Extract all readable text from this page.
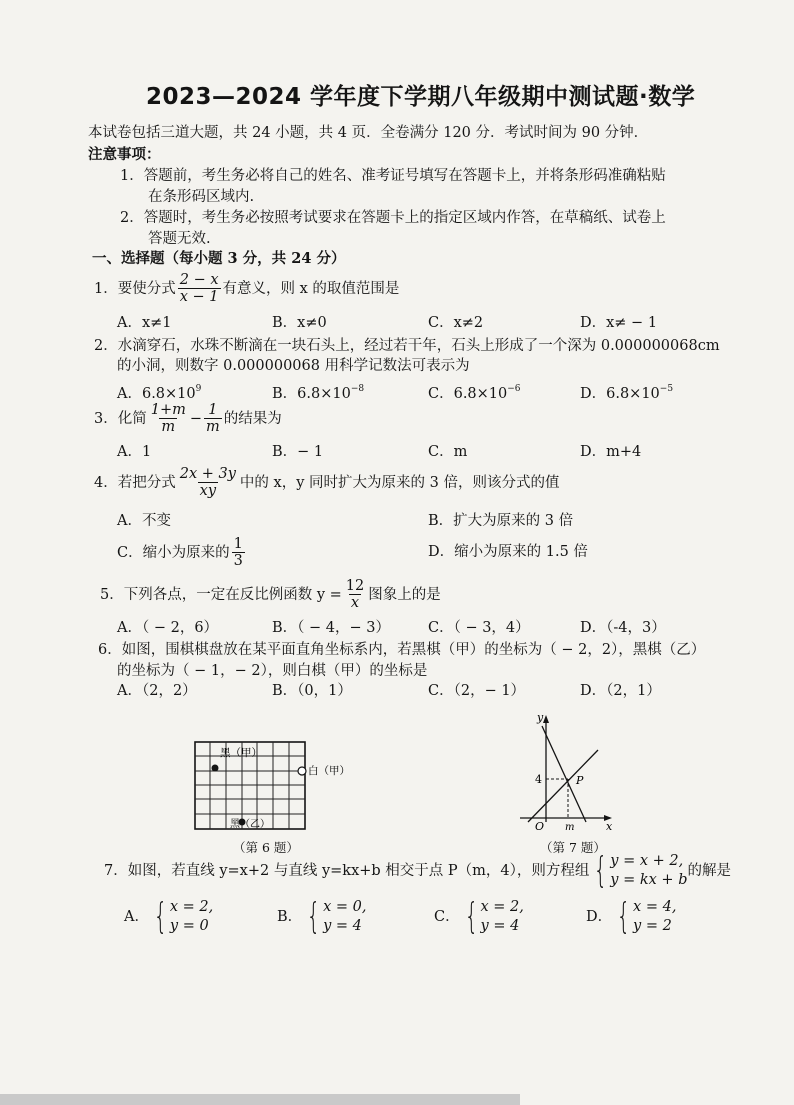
2023—2024 学年度下学期八年级期中测试题·数学
本试卷包括三道大题，共 24 小题，共 4 页．全卷满分 120 分．考试时间为 90 分钟．
注意事项：
1．答题前，考生务必将自己的姓名、准考证号填写在答题卡上，并将条形码准确粘贴
在条形码区域内.
2．答题时，考生务必按照考试要求在答题卡上的指定区域内作答，在草稿纸、试卷上
答题无效.
一、选择题（每小题 3 分，共 24 分）
1． 要使分式 $\frac{2 - x}{x - 1}$ 有意义，则 x 的取值范围是
A．x≠1	B．x≠0	C．x≠2	D．x≠ − 1
2．水滴穿石，水珠不断滴在一块石头上，经过若干年，石头上形成了一个深为 0.000000068cm
的小洞，则数字 0.000000068 用科学记数法可表示为
A．$6.8\times 10^9$	B．$6.8\times 10^{-8}$	C．$6.8\times 10^{-6}$	D．$6.8\times 10^{-5}$
3． 化简 $\frac{1+m}{m} - \frac{1}{m}$ 的结果为
A．1	B．− 1	C．m	D．m+4
4． 若把分式 $\frac{2x + 3y}{xy}$ 中的 x，y 同时扩大为原来的 3 倍，则该分式的值
A．不变	B．扩大为原来的 3 倍
C．缩小为原来的 $\frac{1}{3}$	D．缩小为原来的 1.5 倍
5． 下列各点，一定在反比例函数 $y = \frac{12}{x}$ 图象上的是
A．（ − 2，6）	B．（ − 4，− 3）	C．（ − 3，4）	D．（-4，3）
6．如图，围棋棋盘放在某平面直角坐标系内，若黑棋（甲）的坐标为（ − 2，2），黑棋（乙）
的坐标为（ − 1，− 2），则白棋（甲）的坐标是
A．（2，2）	B．（0，1）	C．（2，− 1）	D．（2，1）
黑（甲）
白（甲）
黑（乙）
（第 6 题）
y
x
O
4
m
P
（第 7 题）
7． 如图，若直线 y=x+2 与直线 y=kx+b 相交于点 P（m，4），则方程组 { y = x + 2,
y = kx + b
的解是
A． { x = 2,
y = 0
B． { x = 0,
y = 4
C． { x = 2,
y = 4
D． { x = 4,
y = 2
